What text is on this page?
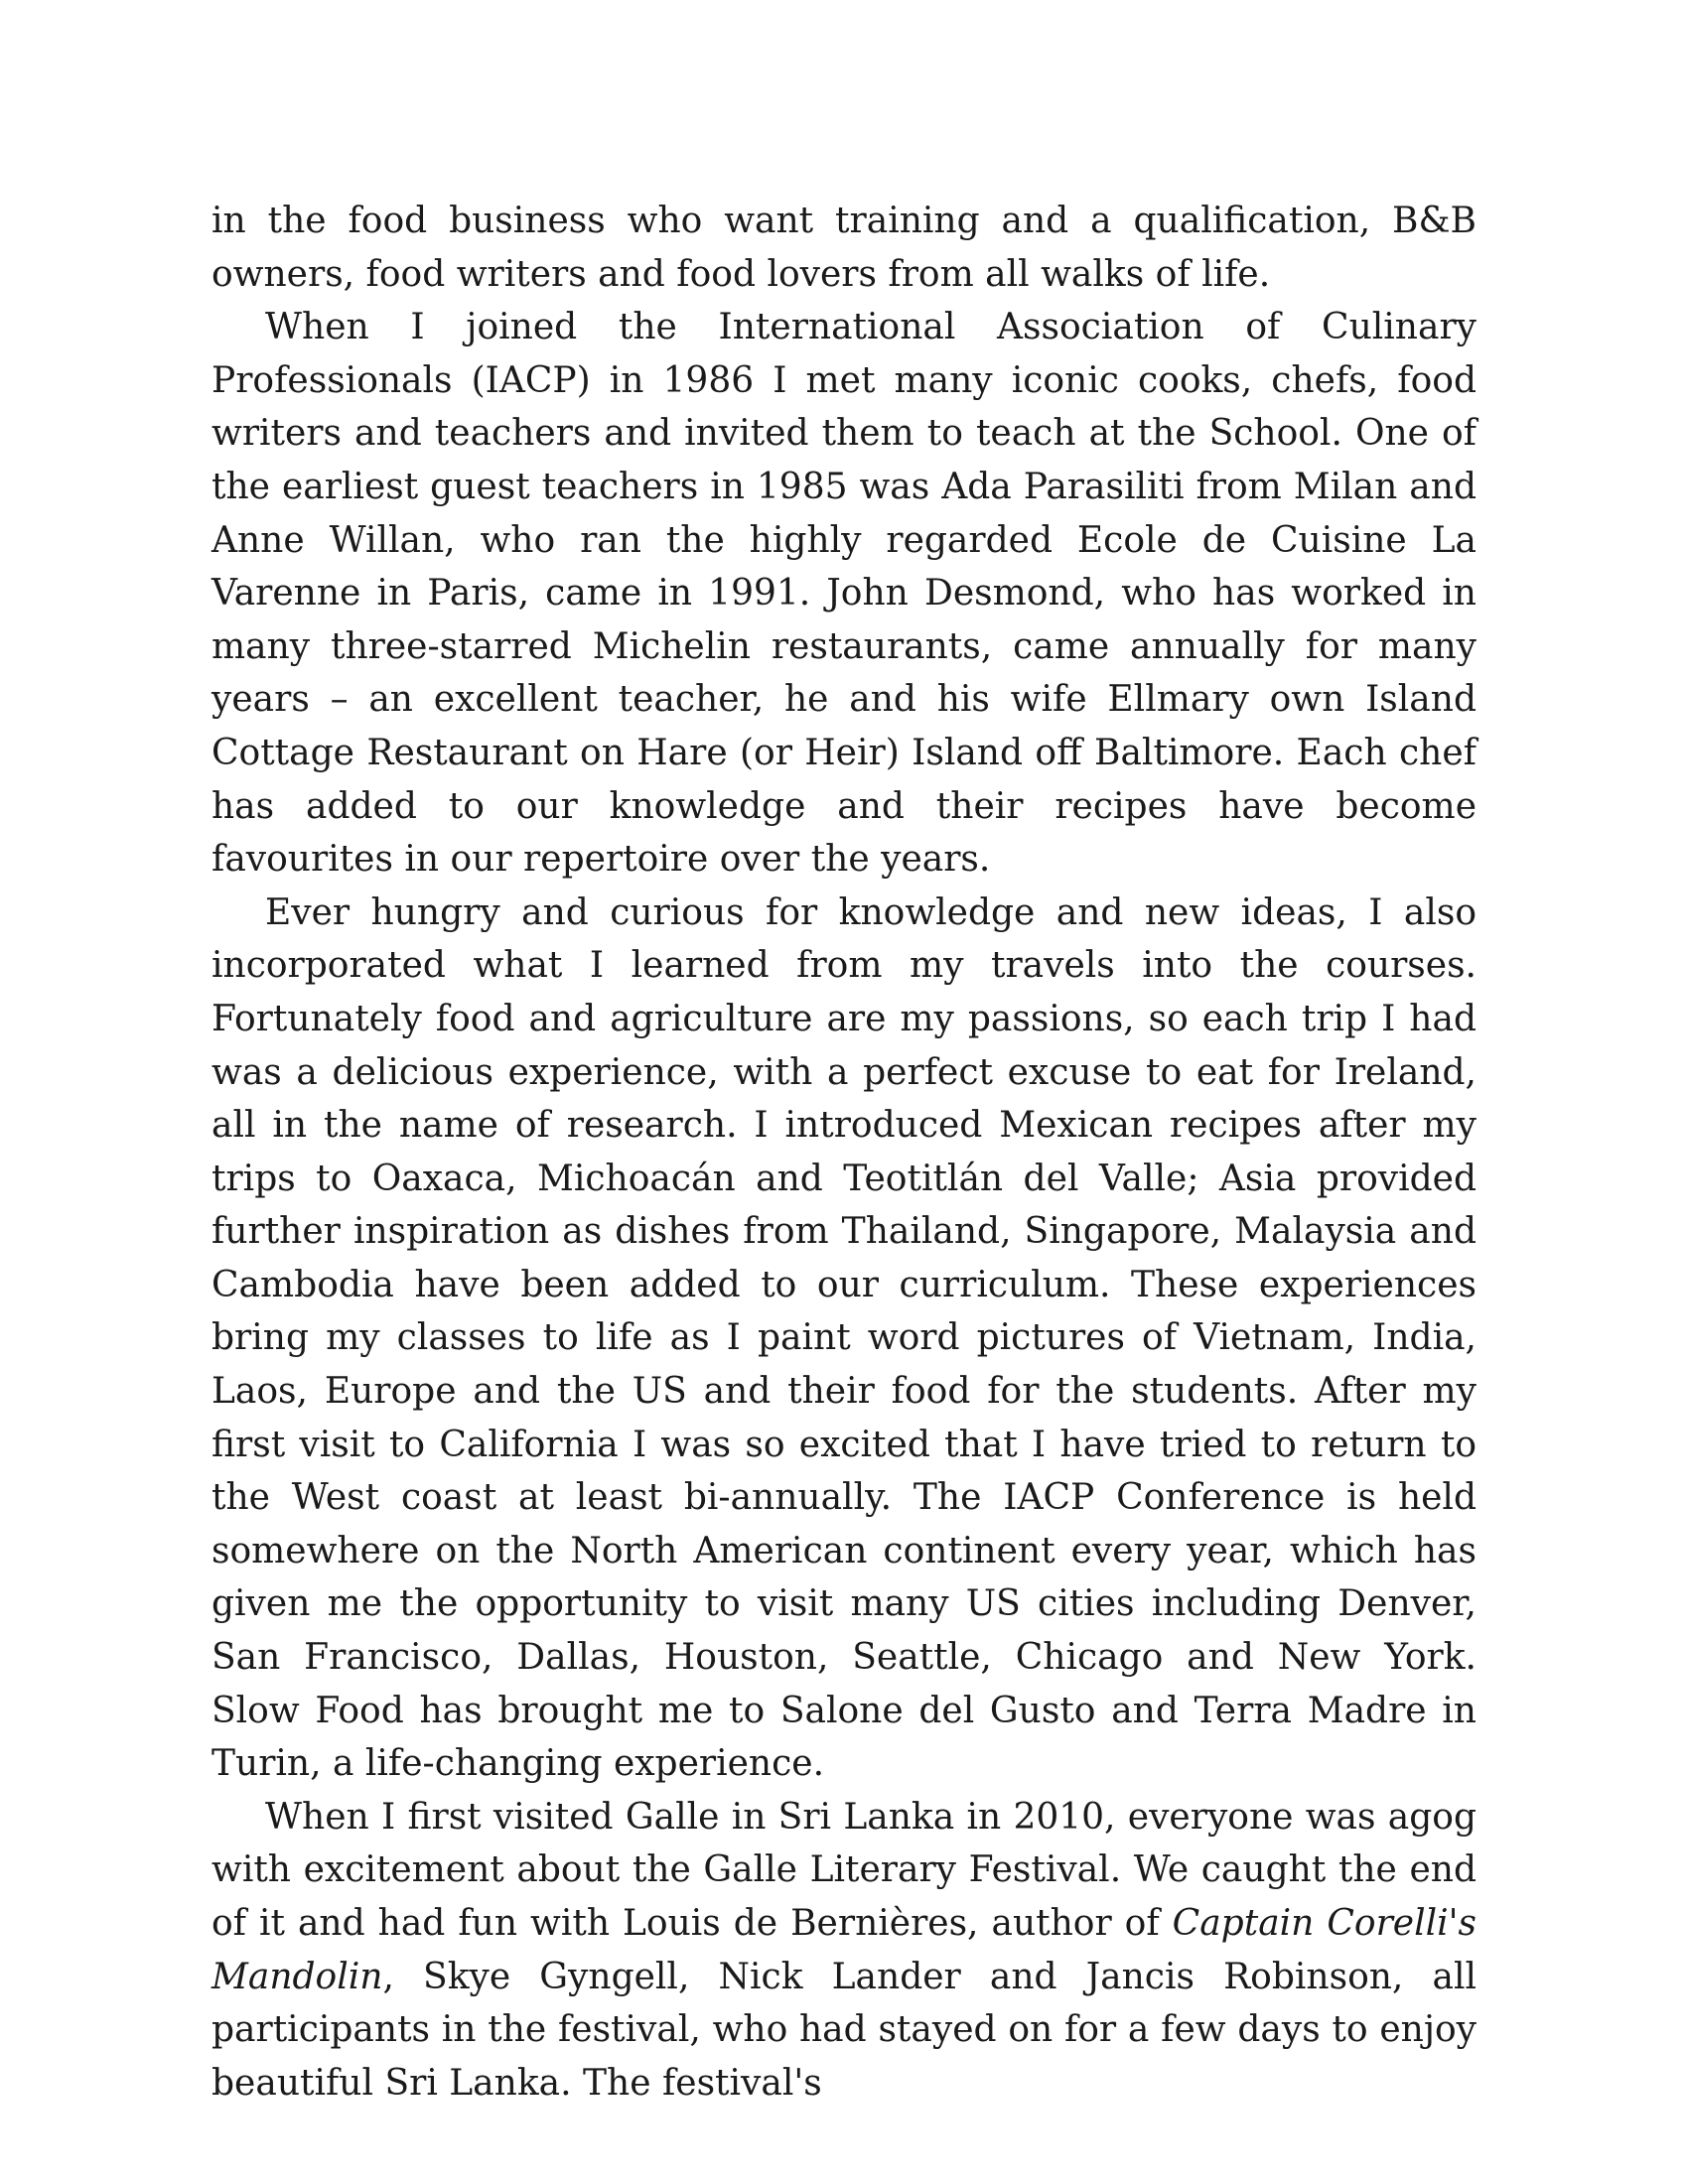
in the food business who want training and a qualification, B&B owners, food writers and food lovers from all walks of life.

When I joined the International Association of Culinary Professionals (IACP) in 1986 I met many iconic cooks, chefs, food writers and teachers and invited them to teach at the School. One of the earliest guest teachers in 1985 was Ada Parasiliti from Milan and Anne Willan, who ran the highly regarded Ecole de Cuisine La Varenne in Paris, came in 1991. John Desmond, who has worked in many three-starred Michelin restaurants, came annually for many years – an excellent teacher, he and his wife Ellmary own Island Cottage Restaurant on Hare (or Heir) Island off Baltimore. Each chef has added to our knowledge and their recipes have become favourites in our repertoire over the years.

Ever hungry and curious for knowledge and new ideas, I also incorporated what I learned from my travels into the courses. Fortunately food and agriculture are my passions, so each trip I had was a delicious experience, with a perfect excuse to eat for Ireland, all in the name of research. I introduced Mexican recipes after my trips to Oaxaca, Michoacán and Teotitlán del Valle; Asia provided further inspiration as dishes from Thailand, Singapore, Malaysia and Cambodia have been added to our curriculum. These experiences bring my classes to life as I paint word pictures of Vietnam, India, Laos, Europe and the US and their food for the students. After my first visit to California I was so excited that I have tried to return to the West coast at least bi-annually. The IACP Conference is held somewhere on the North American continent every year, which has given me the opportunity to visit many US cities including Denver, San Francisco, Dallas, Houston, Seattle, Chicago and New York. Slow Food has brought me to Salone del Gusto and Terra Madre in Turin, a life-changing experience.

When I first visited Galle in Sri Lanka in 2010, everyone was agog with excitement about the Galle Literary Festival. We caught the end of it and had fun with Louis de Bernières, author of Captain Corelli's Mandolin, Skye Gyngell, Nick Lander and Jancis Robinson, all participants in the festival, who had stayed on for a few days to enjoy beautiful Sri Lanka. The festival's
